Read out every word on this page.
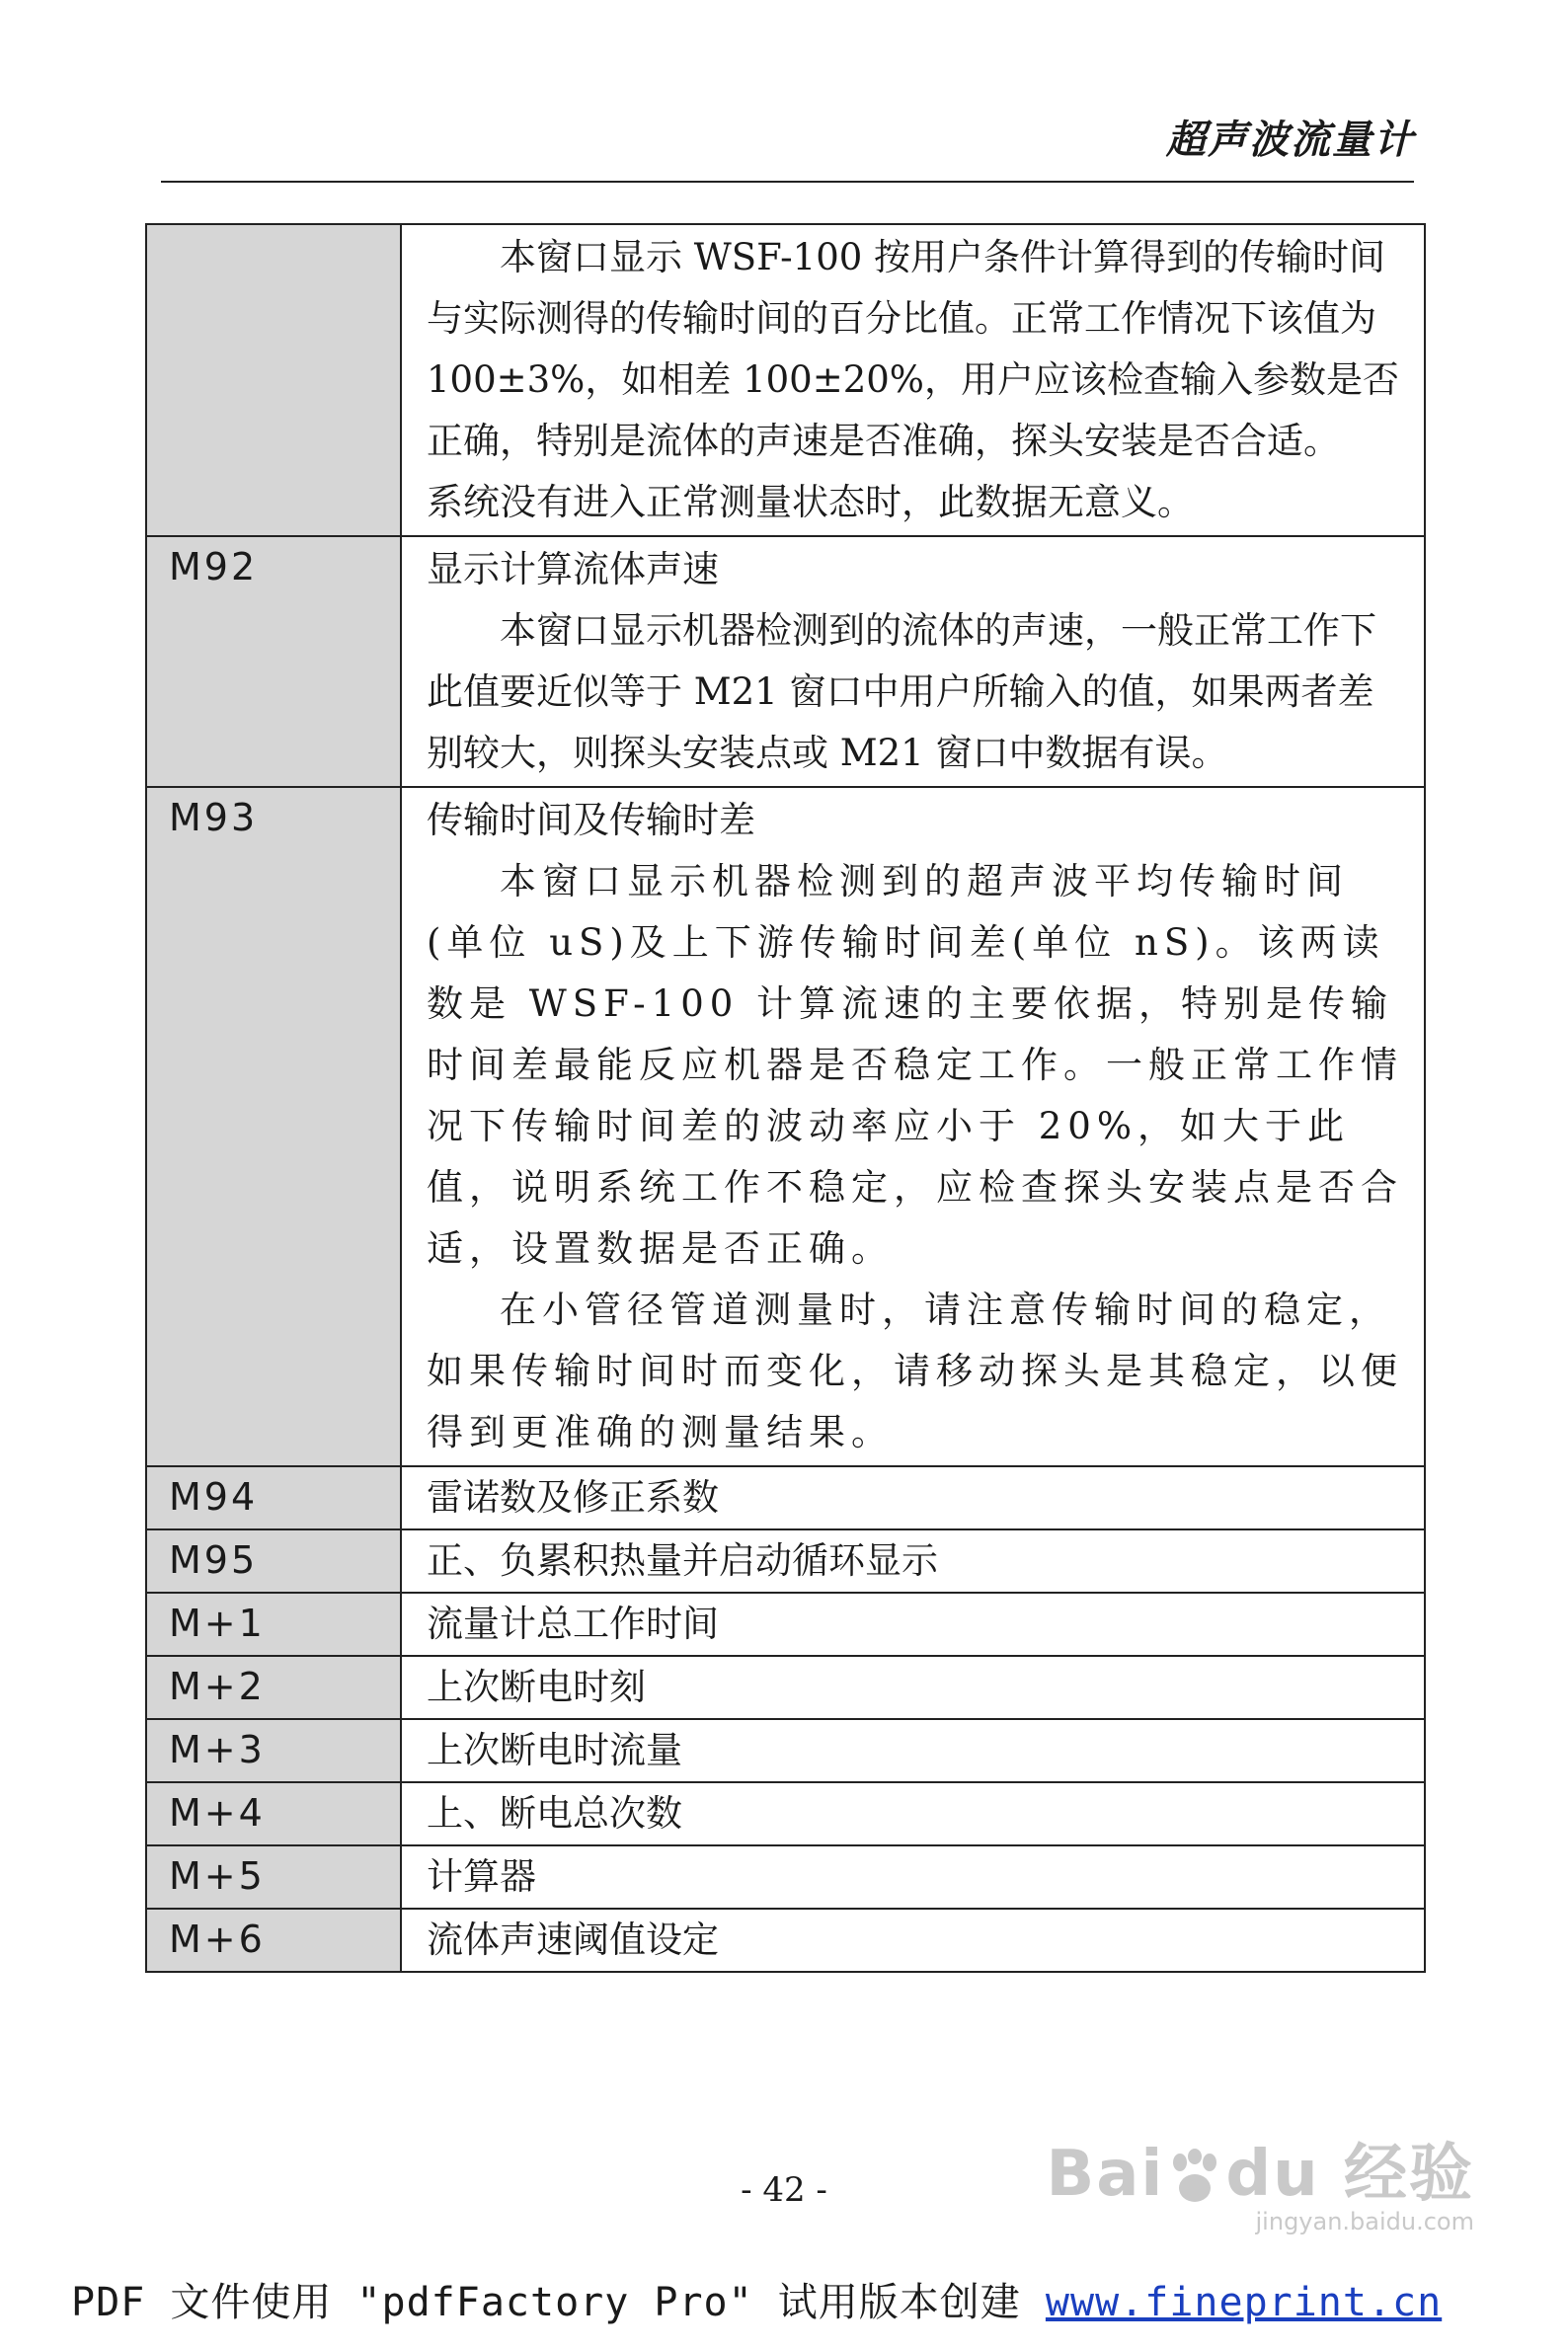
超声波流量计

	本窗口显示 WSF-100 按用户条件计算得到的传输时间与实际测得的传输时间的百分比值。正常工作情况下该值为 100±3%，如相差 100±20%，用户应该检查输入参数是否正确，特别是流体的声速是否准确，探头安装是否合适。

系统没有进入正常测量状态时，此数据无意义。

M92	显示计算流体声速

本窗口显示机器检测到的流体的声速，一般正常工作下此值要近似等于 M21 窗口中用户所输入的值，如果两者差别较大，则探头安装点或 M21 窗口中数据有误。

M93	传输时间及传输时差

本窗口显示机器检测到的超声波平均传输时间(单位 uS)及上下游传输时间差(单位 nS)。该两读数是 WSF-100 计算流速的主要依据，特别是传输时间差最能反应机器是否稳定工作。一般正常工作情况下传输时间差的波动率应小于 20%，如大于此值，说明系统工作不稳定，应检查探头安装点是否合适，设置数据是否正确。

在小管径管道测量时，请注意传输时间的稳定，如果传输时间时而变化，请移动探头是其稳定，以便得到更准确的测量结果。

M94	雷诺数及修正系数
M95	正、负累积热量并启动循环显示
M+1	流量计总工作时间
M+2	上次断电时刻
M+3	上次断电时流量
M+4	上、断电总次数
M+5	计算器
M+6	流体声速阈值设定
- 42 -	Bai du 经验
jingyan.baidu.com
PDF 文件使用 "pdfFactory Pro" 试用版本创建 www.fineprint.cn
